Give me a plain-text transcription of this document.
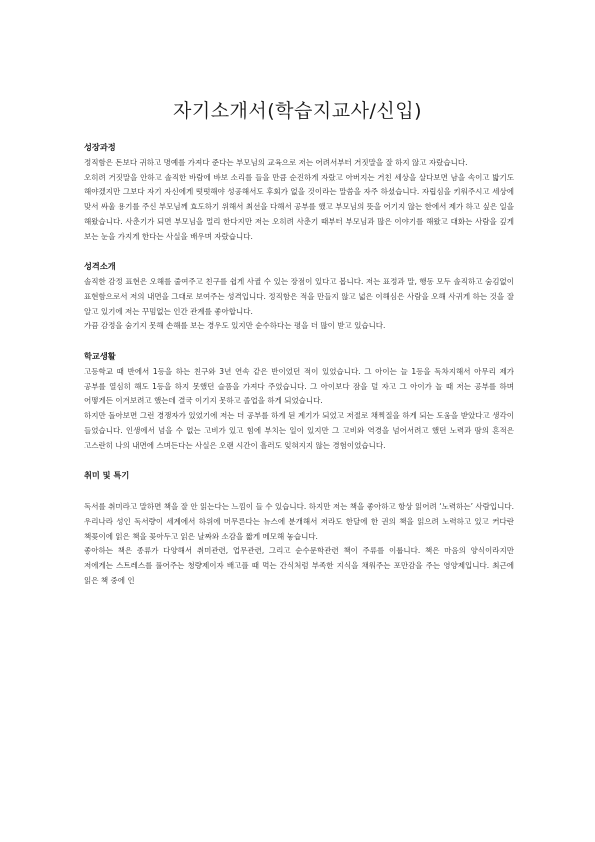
자기소개서(학습지교사/신입)
성장과정

정직함은 돈보다 귀하고 명예를 가져다 준다는 부모님의 교육으로 저는 어려서부터 거짓말을 잘 하지 않고 자랐습니다.

오히려 거짓말을 안하고 솔직한 바람에 바보 소리를 들을 만큼 순진하게 자랐고 아버지는 거친 세상을 살다보면 남을 속이고 밟기도 해야겠지만 그보다 자기 자신에게 떳떳해야 성공해서도 후회가 없을 것이라는 말씀을 자주 하셨습니다. 자립심을 키워주시고 세상에 맞서 싸울 용기를 주신 부모님께 효도하기 위해서 최선을 다해서 공부를 했고 부모님의 뜻을 어기지 않는 한에서 제가 하고 싶은 일을 해왔습니다. 사춘기가 되면 부모님을 멀리 한다지만 저는 오히려 사춘기 때부터 부모님과 많은 이야기를 해왔고 대화는 사람을 깊게 보는 눈을 가지게 한다는 사실을 배우며 자랐습니다.

성격소개

솔직한 감정 표현은 오해를 줄여주고 친구를 쉽게 사귈 수 있는 장점이 있다고 봅니다. 저는 표정과 말, 행동 모두 솔직하고 숨김없이 표현함으로서 저의 내면을 그대로 보여주는 성격입니다. 정직함은 적을 만들지 않고 넓은 이해심은 사람을 오해 사귀게 하는 것을 잘 알고 있기에 저는 꾸밈없는 인간 관계를 좋아합니다.

가끔 감정을 숨기지 못해 손해를 보는 경우도 있지만 순수하다는 평을 더 많이 받고 있습니다.

학교생활

고등학교 때 반에서 1등을 하는 친구와 3년 연속 같은 반이었던 적이 있었습니다. 그 아이는 늘 1등을 독차지해서 아무리 제가 공부를 열심히 해도 1등을 하지 못했던 슬픔을 가져다 주었습니다. 그 아이보다 잠을 덜 자고 그 아이가 놀 때 저는 공부를 하며 어떻게든 이겨보려고 했는데 결국 이기지 못하고 졸업을 하게 되었습니다.

하지만 돌아보면 그런 경쟁자가 있었기에 저는 더 공부를 하게 된 계기가 되었고 저절로 채찍질을 하게 되는 도움을 받았다고 생각이 들었습니다. 인생에서 넘을 수 없는 고비가 있고 힘에 부치는 일이 있지만 그 고비와 역경을 넘어서려고 했던 노력과 땀의 흔적은 고스란히 나의 내면에 스며든다는 사실은 오랜 시간이 흘러도 잊혀지지 않는 경험이었습니다.

취미 및 특기

독서를 취미라고 말하면 책을 잘 안 읽는다는 느낌이 들 수 있습니다. 하지만 저는 책을 좋아하고 항상 읽어려 ‘노력하는’ 사람입니다. 우리나라 성인 독서량이 세계에서 하위에 머무른다는 뉴스에 분개해서 저라도 한달에 한 권의 책을 읽으려 노력하고 있고 커다란 책꽂이에 읽은 책을 꽂아두고 읽은 날짜와 소감을 짧게 메모해 놓습니다.

좋아하는 책은 종류가 다양해서 취미관련, 업무관련, 그리고 순수문학관련 책이 주류를 이룹니다. 책은 마음의 양식이라지만 저에게는 스트레스를 풀어주는 청량제이자 배고플 때 먹는 간식처럼 부족한 지식을 채워주는 포만감을 주는 영양제입니다. 최근에 읽은 책 중에 인
